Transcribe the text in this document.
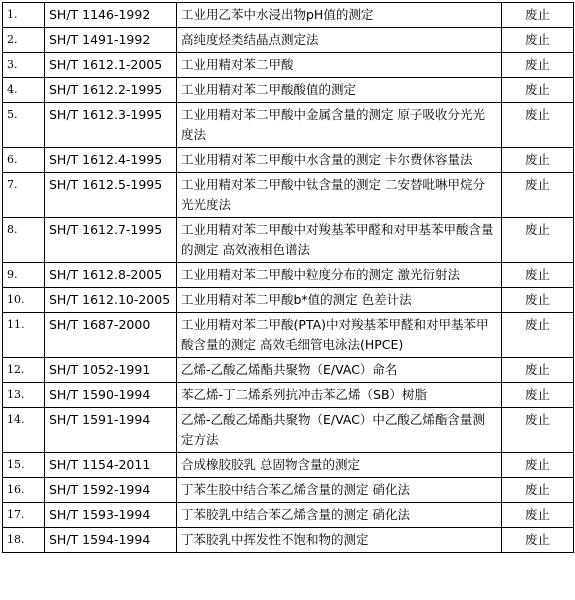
1.	SH/T 1146-1992	工业用乙苯中水浸出物pH值的测定	废止
2.	SH/T 1491-1992	高纯度烃类结晶点测定法	废止
3.	SH/T 1612.1-2005	工业用精对苯二甲酸	废止
4.	SH/T 1612.2-1995	工业用精对苯二甲酸酸值的测定	废止
5.	SH/T 1612.3-1995	工业用精对苯二甲酸中金属含量的测定 原子吸收分光光度法	废止
6.	SH/T 1612.4-1995	工业用精对苯二甲酸中水含量的测定 卡尔费休容量法	废止
7.	SH/T 1612.5-1995	工业用精对苯二甲酸中钛含量的测定 二安替吡啉甲烷分光光度法	废止
8.	SH/T 1612.7-1995	工业用精对苯二甲酸中对羧基苯甲醛和对甲基苯甲酸含量的测定 高效液相色谱法	废止
9.	SH/T 1612.8-2005	工业用精对苯二甲酸中粒度分布的测定 激光衍射法	废止
10.	SH/T 1612.10-2005	工业用精对苯二甲酸b*值的测定 色差计法	废止
11.	SH/T 1687-2000	工业用精对苯二甲酸(PTA)中对羧基苯甲醛和对甲基苯甲酸含量的测定 高效毛细管电泳法(HPCE)	废止
12.	SH/T 1052-1991	乙烯-乙酸乙烯酯共聚物（E/VAC）命名	废止
13.	SH/T 1590-1994	苯乙烯-丁二烯系列抗冲击苯乙烯（SB）树脂	废止
14.	SH/T 1591-1994	乙烯-乙酸乙烯酯共聚物（E/VAC）中乙酸乙烯酯含量测定方法	废止
15.	SH/T 1154-2011	合成橡胶胶乳 总固物含量的测定	废止
16.	SH/T 1592-1994	丁苯生胶中结合苯乙烯含量的测定 硝化法	废止
17.	SH/T 1593-1994	丁苯胶乳中结合苯乙烯含量的测定 硝化法	废止
18.	SH/T 1594-1994	丁苯胶乳中挥发性不饱和物的测定	废止
